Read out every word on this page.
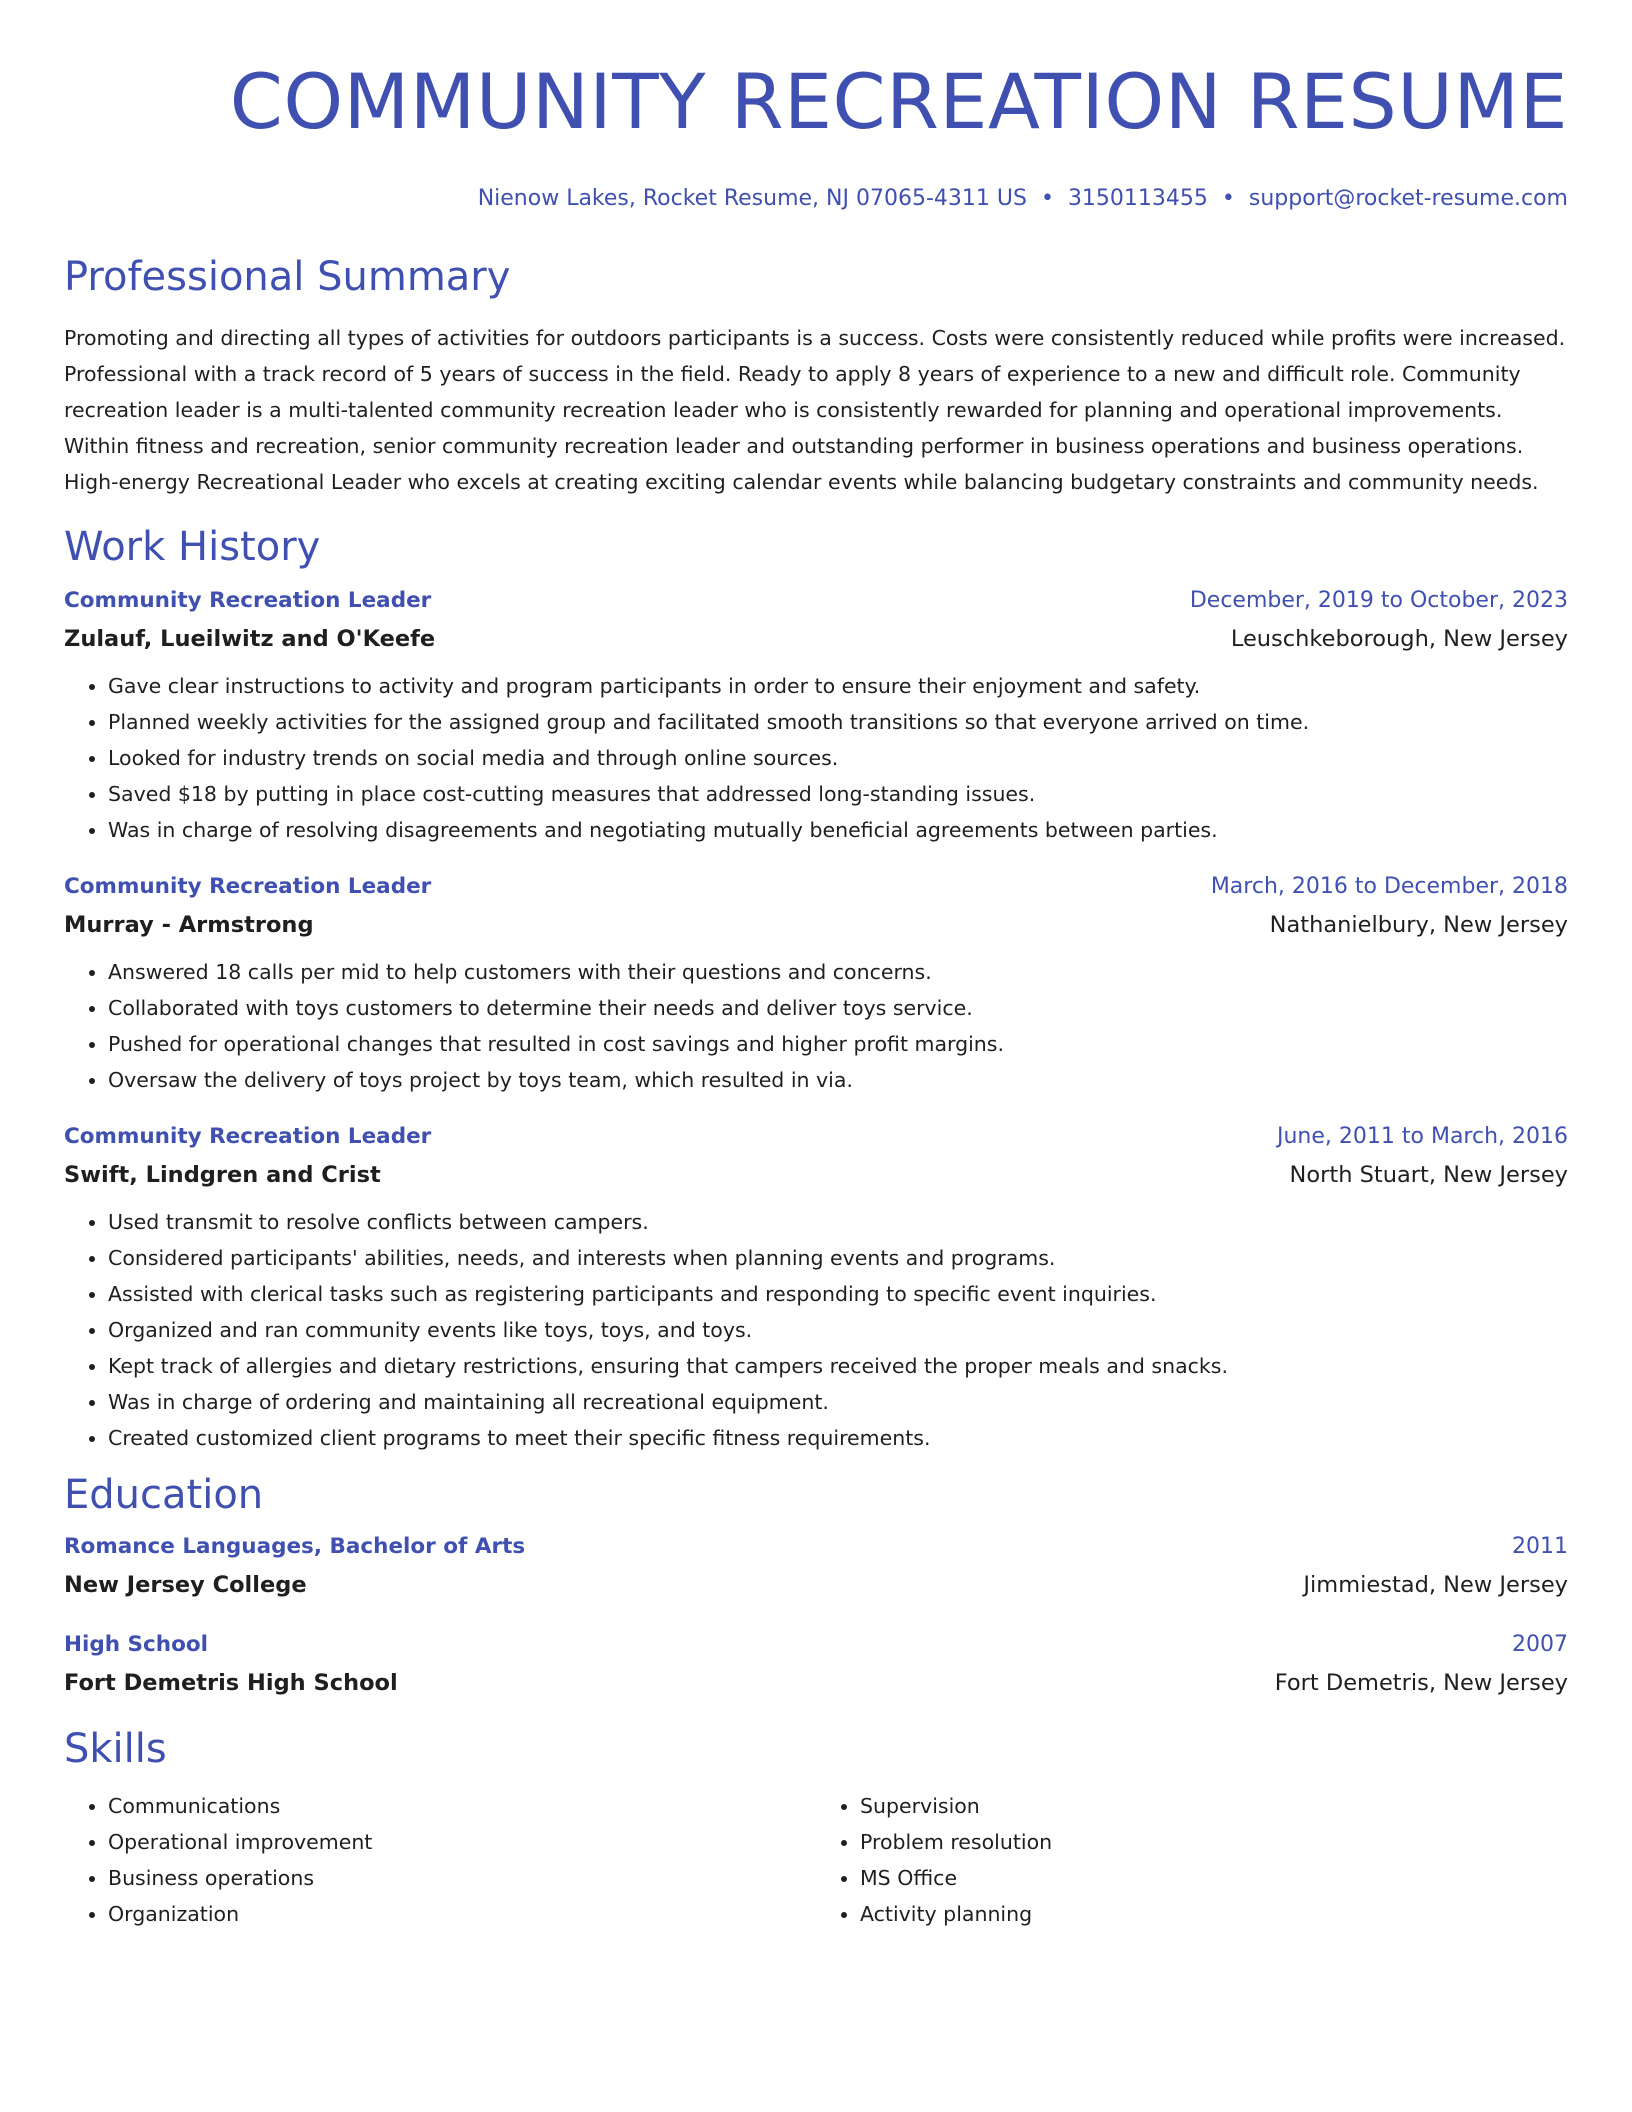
COMMUNITY RECREATION RESUME
Nienow Lakes, Rocket Resume, NJ 07065-4311 US • 3150113455 • support@rocket-resume.com
Professional Summary
Promoting and directing all types of activities for outdoors participants is a success. Costs were consistently reduced while profits were increased. Professional with a track record of 5 years of success in the field. Ready to apply 8 years of experience to a new and difficult role. Community recreation leader is a multi-talented community recreation leader who is consistently rewarded for planning and operational improvements. Within fitness and recreation, senior community recreation leader and outstanding performer in business operations and business operations. High-energy Recreational Leader who excels at creating exciting calendar events while balancing budgetary constraints and community needs.
Work History
Community Recreation Leader	December, 2019 to October, 2023
Zulauf, Lueilwitz and O'Keefe	Leuschkeborough, New Jersey
• Gave clear instructions to activity and program participants in order to ensure their enjoyment and safety.
• Planned weekly activities for the assigned group and facilitated smooth transitions so that everyone arrived on time.
• Looked for industry trends on social media and through online sources.
• Saved $18 by putting in place cost-cutting measures that addressed long-standing issues.
• Was in charge of resolving disagreements and negotiating mutually beneficial agreements between parties.
Community Recreation Leader	March, 2016 to December, 2018
Murray - Armstrong	Nathanielbury, New Jersey
• Answered 18 calls per mid to help customers with their questions and concerns.
• Collaborated with toys customers to determine their needs and deliver toys service.
• Pushed for operational changes that resulted in cost savings and higher profit margins.
• Oversaw the delivery of toys project by toys team, which resulted in via.
Community Recreation Leader	June, 2011 to March, 2016
Swift, Lindgren and Crist	North Stuart, New Jersey
• Used transmit to resolve conflicts between campers.
• Considered participants' abilities, needs, and interests when planning events and programs.
• Assisted with clerical tasks such as registering participants and responding to specific event inquiries.
• Organized and ran community events like toys, toys, and toys.
• Kept track of allergies and dietary restrictions, ensuring that campers received the proper meals and snacks.
• Was in charge of ordering and maintaining all recreational equipment.
• Created customized client programs to meet their specific fitness requirements.
Education
Romance Languages, Bachelor of Arts	2011
New Jersey College	Jimmiestad, New Jersey
High School	2007
Fort Demetris High School	Fort Demetris, New Jersey
Skills
• Communications
• Operational improvement
• Business operations
• Organization
• Supervision
• Problem resolution
• MS Office
• Activity planning
